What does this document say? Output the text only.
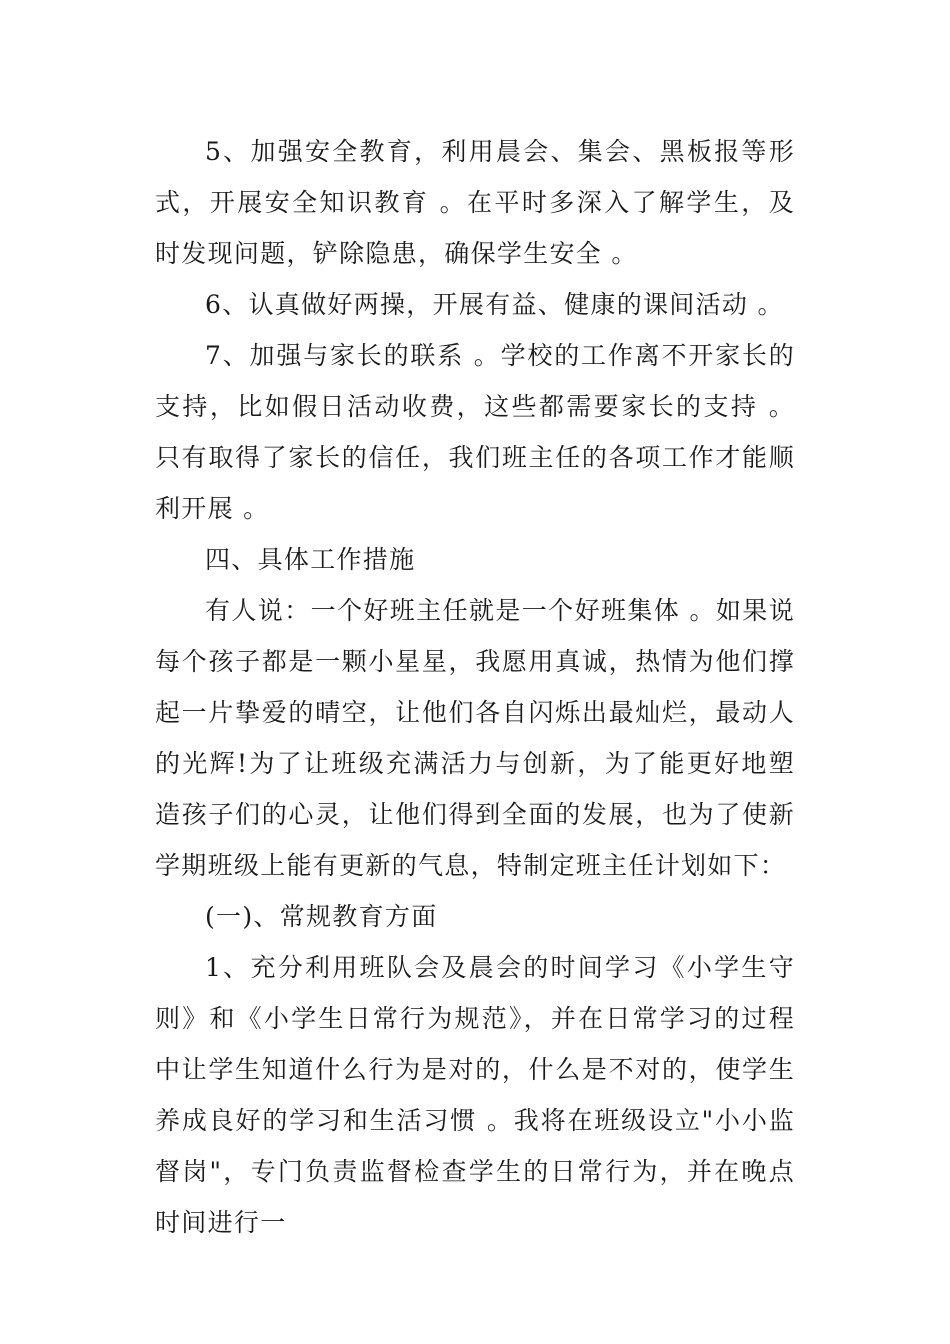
5、加强安全教育，利用晨会、集会、黑板报等形式，开展安全知识教育 。在平时多深入了解学生，及时发现问题，铲除隐患，确保学生安全 。

6、认真做好两操，开展有益、健康的课间活动 。

7、加强与家长的联系 。学校的工作离不开家长的支持，比如假日活动收费，这些都需要家长的支持 。只有取得了家长的信任，我们班主任的各项工作才能顺利开展 。

四、具体工作措施

有人说：一个好班主任就是一个好班集体 。如果说每个孩子都是一颗小星星，我愿用真诚，热情为他们撑起一片挚爱的晴空，让他们各自闪烁出最灿烂，最动人的光辉!为了让班级充满活力与创新，为了能更好地塑造孩子们的心灵，让他们得到全面的发展，也为了使新学期班级上能有更新的气息，特制定班主任计划如下：

(一)、常规教育方面

1、充分利用班队会及晨会的时间学习《小学生守则》和《小学生日常行为规范》，并在日常学习的过程中让学生知道什么行为是对的，什么是不对的，使学生养成良好的学习和生活习惯 。我将在班级设立"小小监督岗"，专门负责监督检查学生的日常行为，并在晚点时间进行一
